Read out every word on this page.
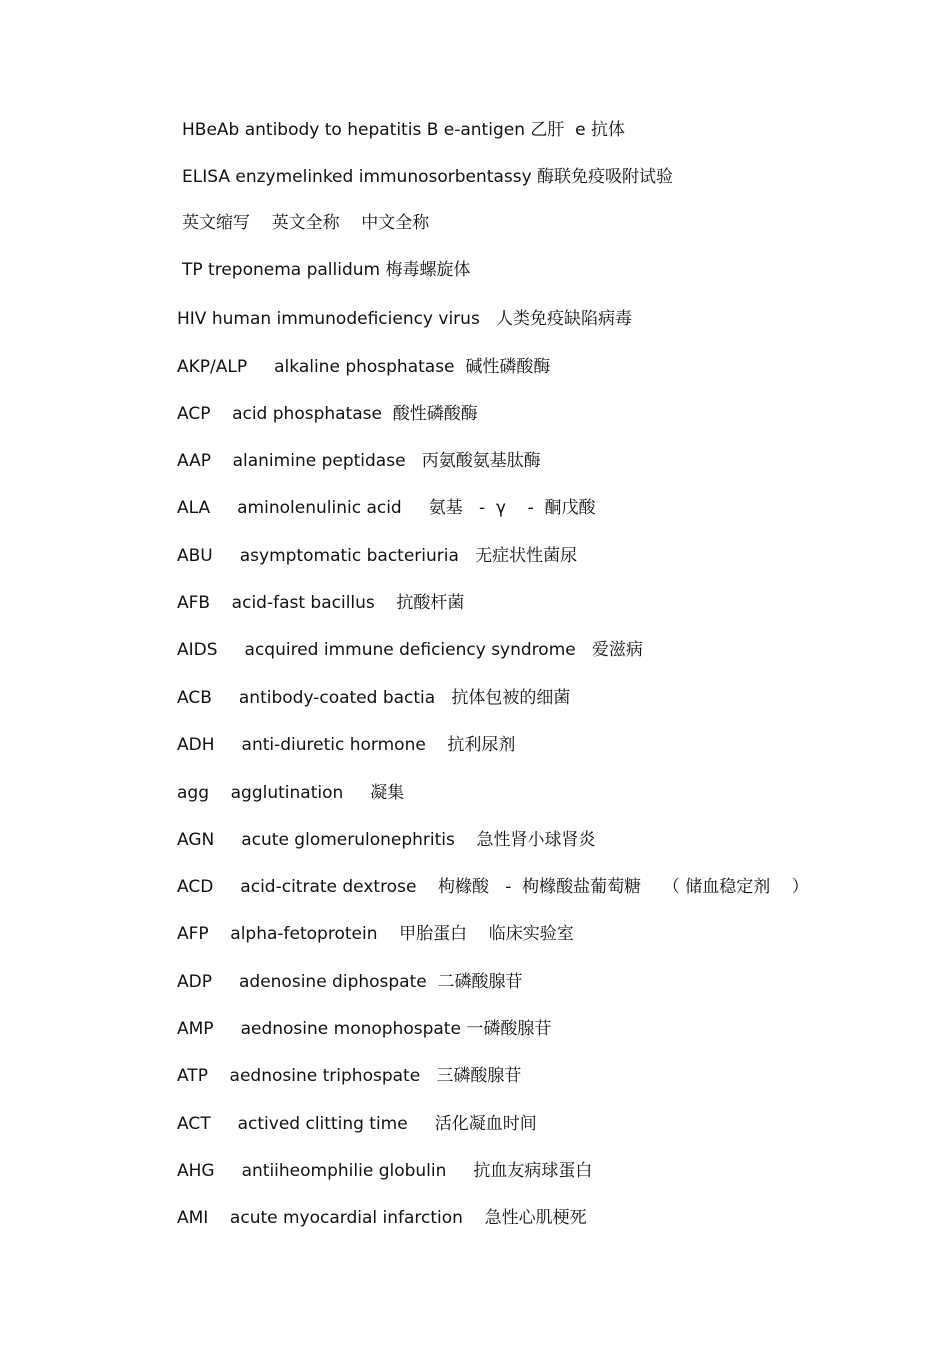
HBeAb antibody to hepatitis B e-antigen 乙肝  e 抗体
ELISA enzymelinked immunosorbentassy 酶联免疫吸附试验
英文缩写    英文全称    中文全称
TP treponema pallidum 梅毒螺旋体
HIV human immunodeficiency virus   人类免疫缺陷病毒
AKP/ALP     alkaline phosphatase  碱性磷酸酶
ACP    acid phosphatase  酸性磷酸酶
AAP    alanimine peptidase   丙氨酸氨基肽酶
ALA     aminolenulinic acid     氨基   -  γ    -  酮戊酸
ABU     asymptomatic bacteriuria   无症状性菌尿
AFB    acid-fast bacillus    抗酸杆菌
AIDS     acquired immune deficiency syndrome   爱滋病
ACB     antibody-coated bactia   抗体包被的细菌
ADH     anti-diuretic hormone    抗利尿剂
agg    agglutination     凝集
AGN     acute glomerulonephritis    急性肾小球肾炎
ACD     acid-citrate dextrose    枸橼酸   -  枸橼酸盐葡萄糖    （ 储血稳定剂    ）
AFP    alpha-fetoprotein    甲胎蛋白    临床实验室
ADP     adenosine diphospate  二磷酸腺苷
AMP     aednosine monophospate 一磷酸腺苷
ATP    aednosine triphospate   三磷酸腺苷
ACT     actived clitting time     活化凝血时间
AHG     antiiheomphilie globulin     抗血友病球蛋白
AMI    acute myocardial infarction    急性心肌梗死
